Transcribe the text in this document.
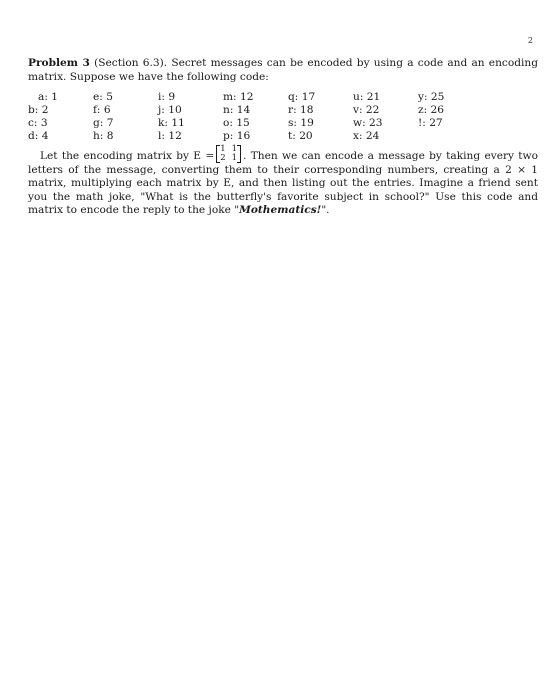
2

Problem 3 (Section 6.3). Secret messages can be encoded by using a code and an encoding matrix. Suppose we have the following code:

a: 1
b: 2
c: 3
d: 4
e: 5
f: 6
g: 7
h: 8
i: 9
j: 10
k: 11
l: 12
m: 12
n: 14
o: 15
p: 16
q: 17
r: 18
s: 19
t: 20
u: 21
v: 22
w: 23
x: 24
y: 25
z: 26
!: 27

Let the encoding matrix by E =
1 1
2 1 . Then we can encode a message by taking every two letters of the message, converting them to their corresponding numbers, creating a 2 × 1 matrix, multiplying each matrix by E, and then listing out the entries. Imagine a friend sent you the math joke, "What is the butterfly's favorite subject in school?" Use this code and matrix to encode the reply to the joke "Mothematics!".
